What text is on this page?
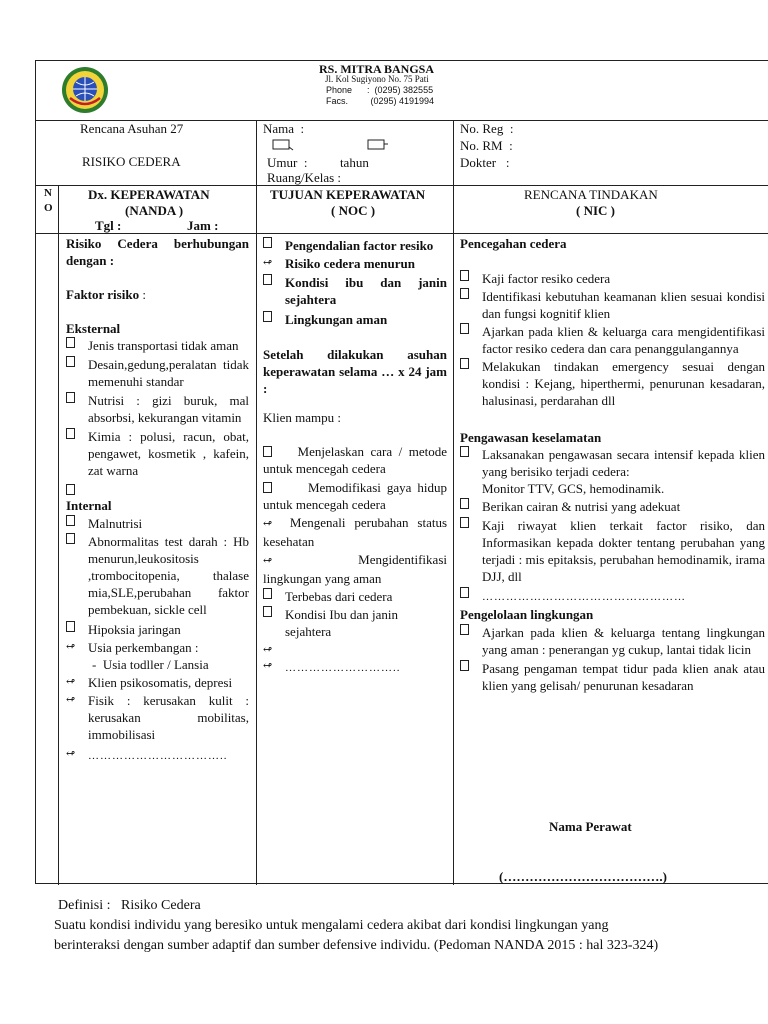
RS. MITRA BANGSA
Jl. Kol Sugiyono No. 75 Pati
Phone      :  (0295) 382555
Facs.         (0295) 4191994
Rencana Asuhan 27
RISIKO CEDERA
Nama  :
Umur  :          tahun
Ruang/Kelas :
No. Reg  :
No. RM  :
Dokter   :
N
O
Dx. KEPERAWATAN
(NANDA )
Tgl :	Jam :
TUJUAN KEPERAWATAN
( NOC )
RENCANA TINDAKAN
( NIC )

Risiko Cedera berhubungan dengan :

Faktor risiko :

Eksternal

Jenis transportasi tidak aman

Desain,gedung,peralatan tidak memenuhi standar

Nutrisi : gizi buruk, mal absorbsi, kekurangan vitamin

Kimia : polusi, racun, obat, pengawet, kosmetik , kafein, zat warna

Internal

Malnutrisi

Abnormalitas test darah : Hb menurun,leukositosis ,trombocitopenia, thalase mia,SLE,perubahan faktor pembekuan, sickle cell

Hipoksia jaringan

↫ Usia perkembangan :

-  Usia todller / Lansia

↫ Klien psikosomatis, depresi

↫ Fisik : kerusakan kulit : kerusakan mobilitas, immobilisasi

↫	……………………………..

Pengendalian factor resiko

↫ Risiko cedera menurun

Kondisi ibu dan janin sejahtera

Lingkungan aman

Setelah dilakukan asuhan keperawatan selama … x 24 jam :

Klien mampu :

Menjelaskan cara / metode untuk mencegah cedera

Memodifikasi gaya hidup untuk mencegah cedera

↫ Mengenali perubahan status kesehatan

↫	Mengidentifikasi lingkungan yang aman

Terbebas dari cedera

Kondisi Ibu dan janin sejahtera

↫

↫	………………………..

Pencegahan cedera

Kaji factor resiko cedera

Identifikasi kebutuhan keamanan klien sesuai kondisi dan fungsi kognitif klien

Ajarkan pada klien & keluarga cara mengidentifikasi factor resiko cedera dan cara penanggulangannya

Melakukan tindakan emergency sesuai dengan kondisi : Kejang, hiperthermi, penurunan kesadaran, halusinasi, perdarahan dll

Pengawasan keselamatan

Laksanakan pengawasan secara intensif kepada klien yang berisiko terjadi cedera:

Monitor TTV, GCS, hemodinamik.

Berikan cairan & nutrisi yang adekuat

Kaji riwayat klien terkait factor risiko, dan Informasikan kepada dokter tentang perubahan yang terjadi : mis epitaksis, perubahan hemodinamik, irama DJJ, dll

……………………………………………

Pengelolaan lingkungan

Ajarkan pada klien & keluarga tentang lingkungan yang aman : penerangan yg cukup, lantai tidak licin

Pasang pengaman tempat tidur pada klien anak atau klien yang gelisah/ penurunan kesadaran

Nama Perawat
(……………………………….)
Definisi :   Risiko Cedera
Suatu kondisi individu yang beresiko untuk mengalami cedera akibat dari kondisi lingkungan yang
berinteraksi dengan sumber adaptif dan sumber defensive individu. (Pedoman NANDA 2015 : hal 323-324)
